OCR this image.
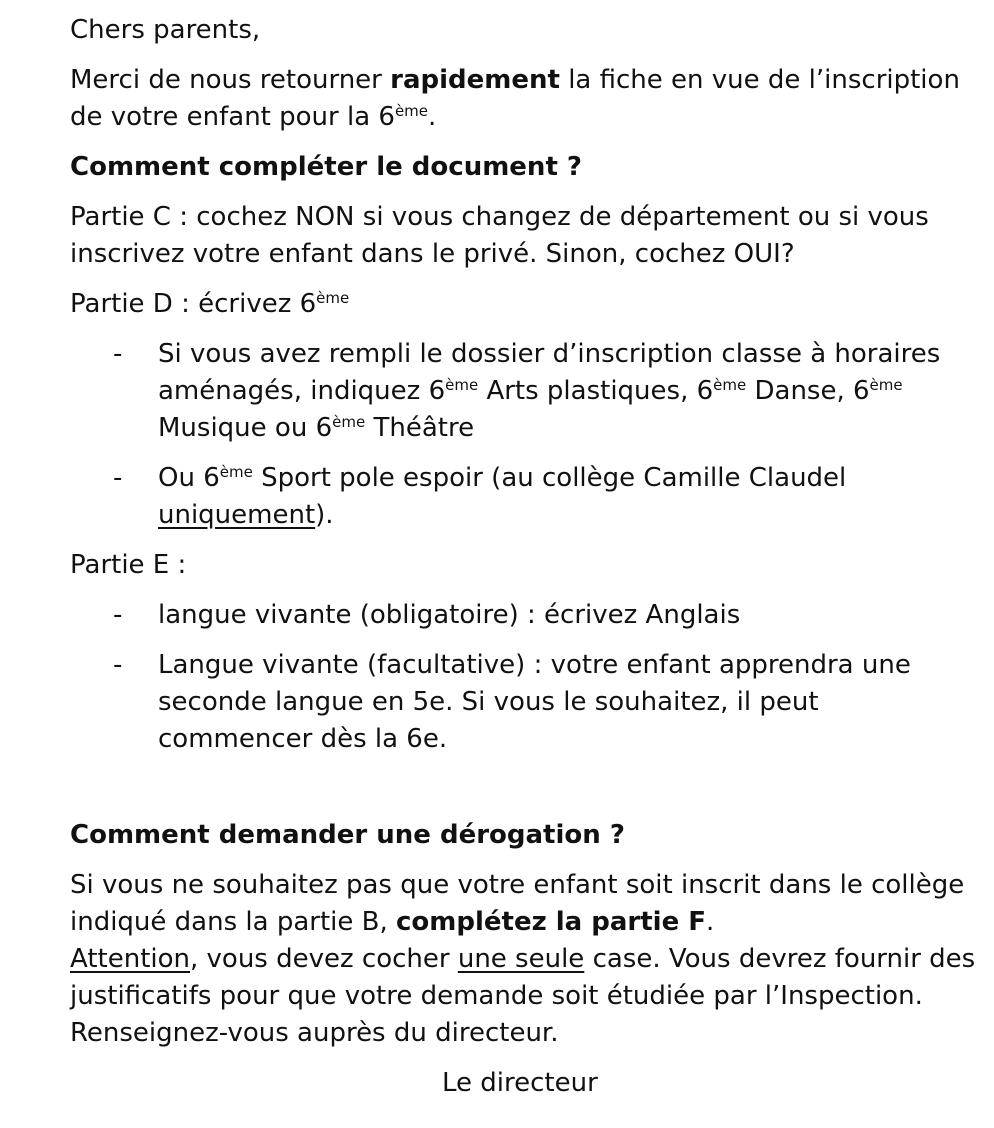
Chers parents,

Merci de nous retourner rapidement la fiche en vue de l’inscription de votre enfant pour la 6ème.

Comment compléter le document ?

Partie C : cochez NON si vous changez de département ou si vous inscrivez votre enfant dans le privé. Sinon, cochez OUI?

Partie D : écrivez 6ème

- Si vous avez rempli le dossier d’inscription classe à horaires aménagés, indiquez 6ème Arts plastiques, 6ème Danse, 6ème
Musique ou 6ème Théâtre
- Ou 6ème Sport pole espoir (au collège Camille Claudel uniquement).

Partie E :

- langue vivante (obligatoire) : écrivez Anglais
- Langue vivante (facultative) : votre enfant apprendra une seconde langue en 5e. Si vous le souhaitez, il peut commencer dès la 6e.

Comment demander une dérogation ?

Si vous ne souhaitez pas que votre enfant soit inscrit dans le collège indiqué dans la partie B, complétez la partie F.
Attention, vous devez cocher une seule case. Vous devrez fournir des justificatifs pour que votre demande soit étudiée par l’Inspection. Renseignez-vous auprès du directeur.

Le directeur
